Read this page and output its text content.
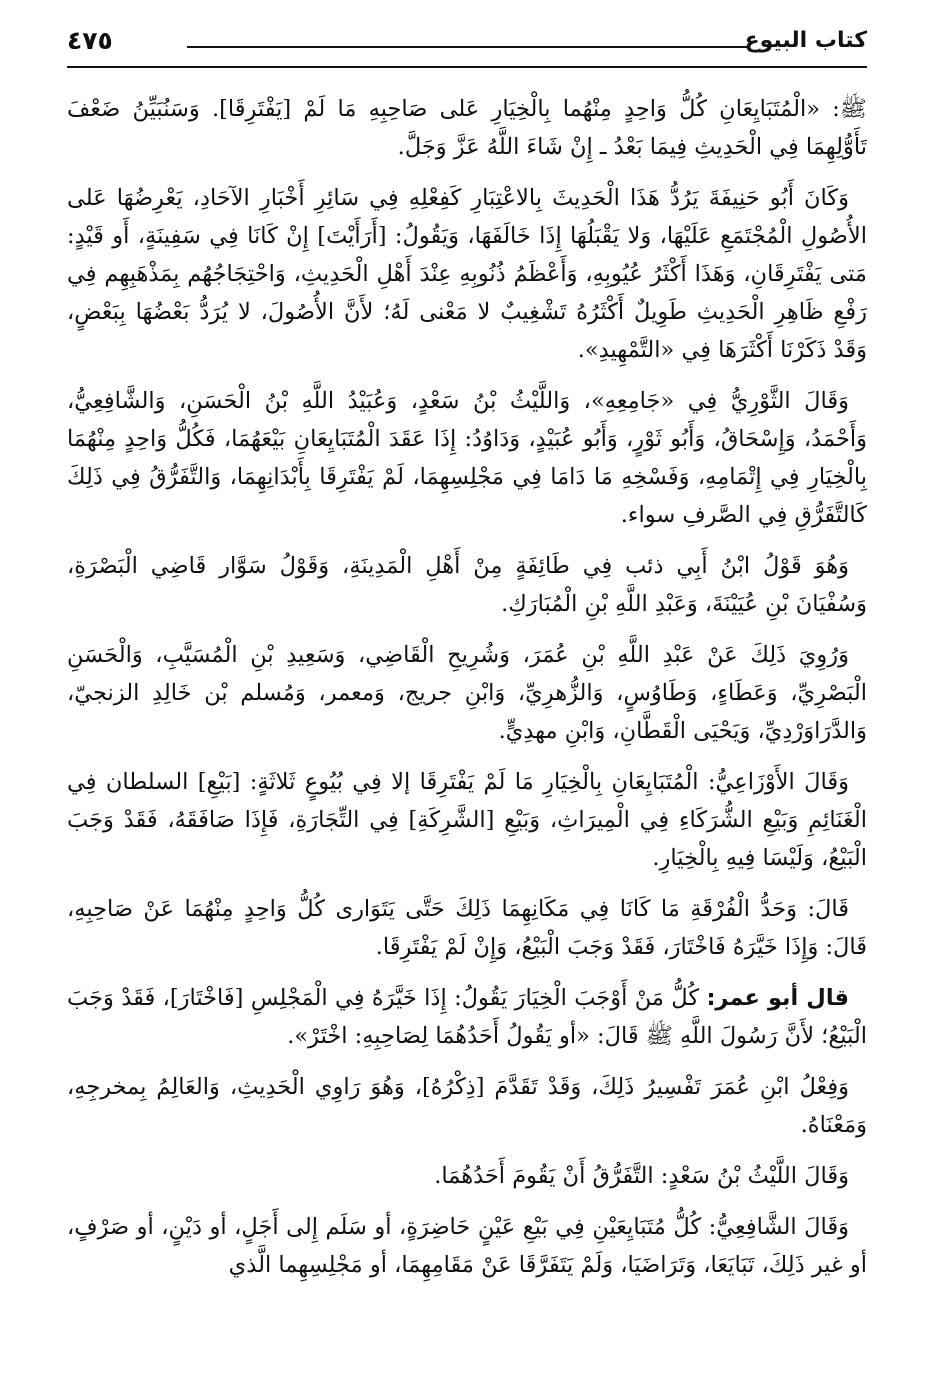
كتاب البيوع
٤٧٥

ﷺ: «الْمُتَبَايِعَانِ كُلُّ وَاحِدٍ مِنْهُما بِالْخِيَارِ عَلى صَاحِبِهِ مَا لَمْ [يَفْتَرِقَا]. وَسَنُبَيِّنُ ضَعْفَ تَأَوُّلِهِمَا فِي الْحَدِيثِ فِيمَا بَعْدُ ـ إِنْ شَاءَ اللَّهُ عَزَّ وَجَلَّ.

وَكَانَ أَبُو حَنِيفَةَ يَرُدُّ هَذَا الْحَدِيثَ بِالاعْتِبَارِ كَفِعْلِهِ فِي سَائِرِ أَخْبَارِ الآحَادِ، يَعْرِضُهَا عَلى الأُصُولِ الْمُجْتَمَعِ عَلَيْهَا، وَلا يَقْبَلُهَا إِذَا خَالَفَهَا، وَيَقُولُ: [أَرَأَيْتَ] إِنْ كَانَا فِي سَفِينَةٍ، أَو قَيْدٍ: مَتى يَفْتَرِقَانِ، وَهَذَا أَكْثَرُ عُيُوبِهِ، وَأَعْظَمُ ذُنُوبِهِ عِنْدَ أَهْلِ الْحَدِيثِ، وَاحْتِجَاجُهُم بِمَذْهَبِهِم فِي رَفْعِ ظَاهِرِ الْحَدِيثِ طَوِيلٌ أَكْثَرُهُ تَشْغِيبٌ لا مَعْنى لَهُ؛ لأَنَّ الأُصُولَ، لا يُرَدُّ بَعْضُهَا بِبَعْضٍ، وَقَدْ ذَكَرْنَا أَكْثَرَهَا فِي «التَّمْهِيدِ».

وَقَالَ الثَّوْرِيُّ فِي «جَامِعِهِ»، وَاللَّيْثُ بْنُ سَعْدٍ، وَعُبَيْدُ اللَّهِ بْنُ الْحَسَنِ، وَالشَّافِعِيُّ، وَأَحْمَدُ، وَإِسْحَاقُ، وَأَبُو ثَوْرٍ، وَأَبُو عُبَيْدٍ، وَدَاوُدُ: إِذَا عَقَدَ الْمُتَبَايِعَانِ بَيْعَهُمَا، فَكُلُّ وَاحِدٍ مِنْهُمَا بِالْخِيَارِ فِي إِتْمَامِهِ، وَفَسْخِهِ مَا دَامَا فِي مَجْلِسِهِمَا، لَمْ يَفْتَرِقَا بِأَبْدَانِهِمَا، وَالتَّفَرُّقُ فِي ذَلِكَ كَالتَّفَرُّقِ فِي الصَّرفِ سواء.

وَهُوَ قَوْلُ ابْنُ أَبِي ذئب فِي طَائِفَةٍ مِنْ أَهْلِ الْمَدِينَةِ، وَقَوْلُ سَوَّار قَاضِي الْبَصْرَةِ، وَسُفْيَانَ بْنِ عُيَيْنَةَ، وَعَبْدِ اللَّهِ بْنِ الْمُبَارَكِ.

وَرُوِيَ ذَلِكَ عَنْ عَبْدِ اللَّهِ بْنِ عُمَرَ، وَشُرِيحِ الْقَاضِي، وَسَعِيدِ بْنِ الْمُسَيَّبِ، وَالْحَسَنِ الْبَصْرِيِّ، وَعَطَاءٍ، وَطَاوُسٍ، وَالزُّهرِيِّ، وَابْنِ جريج، وَمعمر، وَمُسلم بْن خَالِدِ الزنجيّ، وَالدَّرَاوَرْدِيِّ، وَيَحْيَى الْقَطَّانِ، وَابْنِ مهدِيٍّ.

وَقَالَ الأَوْزَاعِيُّ: الْمُتَبَايِعَانِ بِالْخِيَارِ مَا لَمْ يَفْتَرِقَا إلا فِي بُيُوعٍ ثَلاثَةٍ: [بَيْعِ] السلطان فِي الْغَنَائِمِ وَبَيْعِ الشُّرَكَاءِ فِي الْمِيرَاثِ، وَبَيْعِ [الشَّرِكَةِ] فِي التِّجَارَةِ، فَإِذَا صَافَقَهُ، فَقَدْ وَجَبَ الْبَيْعُ، وَلَيْسَا فِيهِ بِالْخِيَارِ.

قَالَ: وَحَدُّ الْفُرْقَةِ مَا كَانَا فِي مَكَانِهِمَا ذَلِكَ حَتَّى يَتَوَارى كُلُّ وَاحِدٍ مِنْهُمَا عَنْ صَاحِبِهِ، قَالَ: وَإِذَا خَيَّرَهُ فَاخْتَارَ، فَقَدْ وَجَبَ الْبَيْعُ، وَإِنْ لَمْ يَفْتَرِقَا.

قال أبو عمر: كُلُّ مَنْ أَوْجَبَ الْخِيَارَ يَقُولُ: إِذَا خَيَّرَهُ فِي الْمَجْلِسِ [فَاخْتَارَ]، فَقَدْ وَجَبَ الْبَيْعُ؛ لأَنَّ رَسُولَ اللَّهِ ﷺ قَالَ: «أو يَقُولُ أَحَدُهُمَا لِصَاحِبِهِ: اخْتَرْ».

وَفِعْلُ ابْنِ عُمَرَ تَفْسِيرُ ذَلِكَ، وَقَدْ تَقَدَّمَ [ذِكْرُهُ]، وَهُوَ رَاوِي الْحَدِيثِ، وَالعَالِمُ بِمخرجِهِ، وَمَعْنَاهُ.

وَقَالَ اللَّيْثُ بْنُ سَعْدٍ: التَّفَرُّقُ أَنْ يَقُومَ أَحَدُهُمَا.

وَقَالَ الشَّافِعِيُّ: كُلُّ مُتَبَايِعَيْنِ فِي بَيْعِ عَيْنٍ حَاضِرَةٍ، أو سَلَم إِلى أَجَلٍ، أو دَيْنٍ، أو صَرْفٍ، أو غير ذَلِكَ، تَبَايَعَا، وَتَرَاضَيَا، وَلَمْ يَتَفَرَّقَا عَنْ مَقَامِهِمَا، أو مَجْلِسِهِما الَّذي
